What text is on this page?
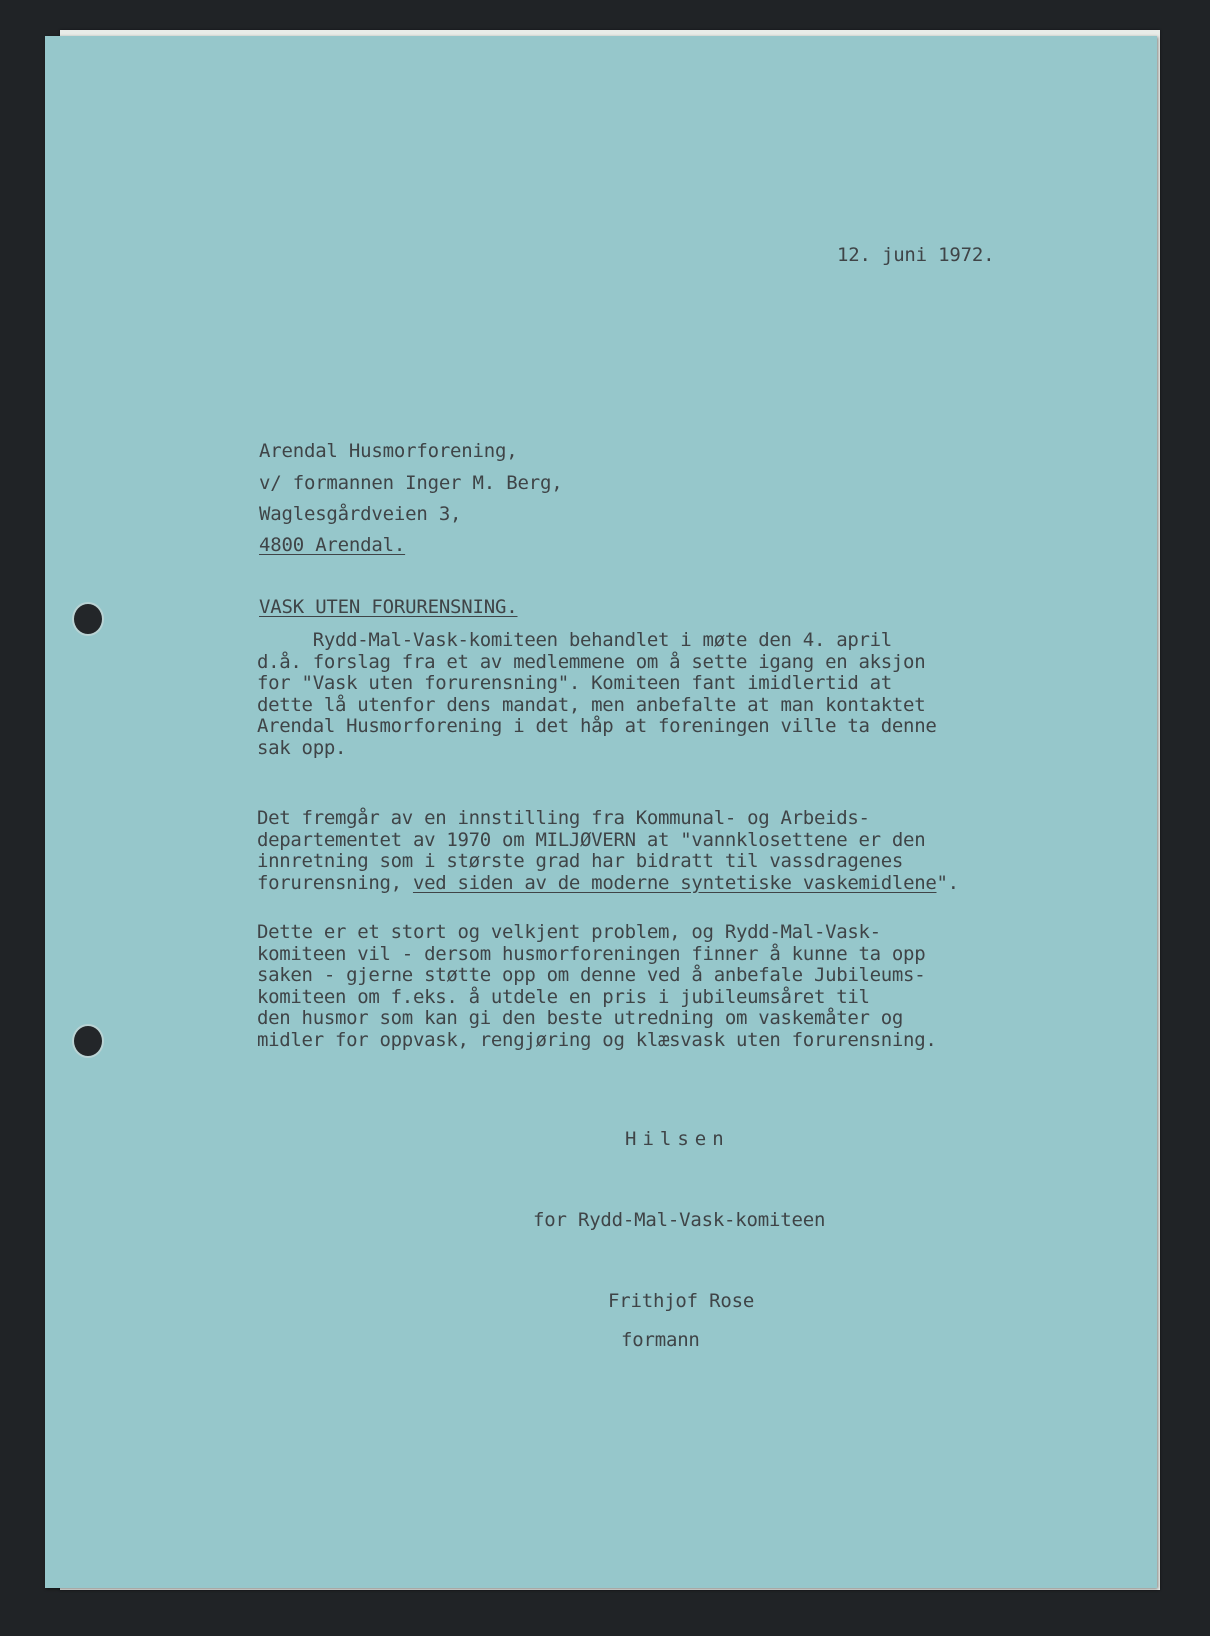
12. juni 1972.
Arendal Husmorforening,
v/ formannen Inger M. Berg,
Waglesgårdveien 3,
4800 Arendal.
VASK UTEN FORURENSNING.
Rydd-Mal-Vask-komiteen behandlet i møte den 4. april
d.å. forslag fra et av medlemmene om å sette igang en aksjon
for "Vask uten forurensning". Komiteen fant imidlertid at
dette lå utenfor dens mandat, men anbefalte at man kontaktet
Arendal Husmorforening i det håp at foreningen ville ta denne
sak opp.
Det fremgår av en innstilling fra Kommunal- og Arbeids-
departementet av 1970 om MILJØVERN at "vannklosettene er den
innretning som i største grad har bidratt til vassdragenes
forurensning, ved siden av de moderne syntetiske vaskemidlene".
Dette er et stort og velkjent problem, og Rydd-Mal-Vask-
komiteen vil - dersom husmorforeningen finner å kunne ta opp
saken - gjerne støtte opp om denne ved å anbefale Jubileums-
komiteen om f.eks. å utdele en pris i jubileumsåret til
den husmor som kan gi den beste utredning om vaskemåter og
midler for oppvask, rengjøring og klæsvask uten forurensning.
Hilsen
for Rydd-Mal-Vask-komiteen
Frithjof Rose
formann
